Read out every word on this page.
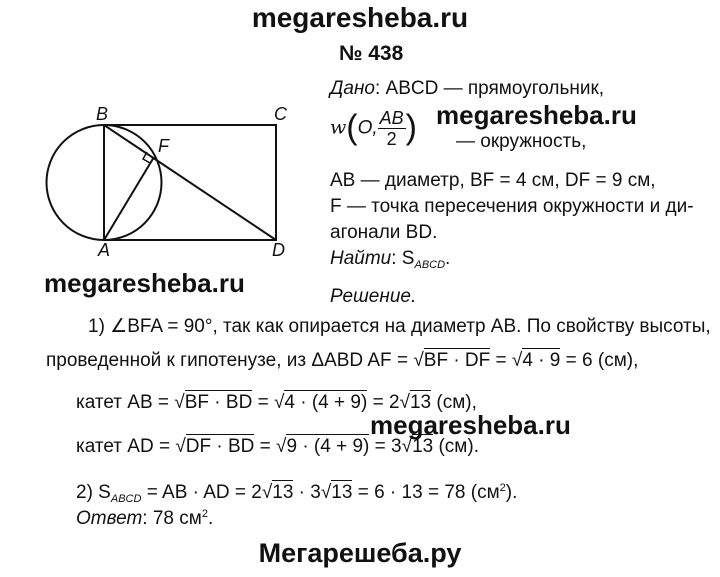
megaresheba.ru
megaresheba.ru
megaresheba.ru
megaresheba.ru
Мегарешеба.ру
№ 438
B	C
A	D
F
Дано: ABCD — прямоугольник,
w(O, $\frac{AB}{2}$ ) — окружность,
AB — диаметр, BF = 4 см, DF = 9 см,
F — точка пересечения окружности и ди-
агонали BD.
Найти: $S_{ABCD}$.
Решение.
1) ∠BFA = 90°, так как опирается на диаметр AB. По свойству высоты,
проведенной к гипотенузе, из ΔABD AF = √BF · DF = √4 · 9 = 6 (см),
катет AB = √BF · BD = √4 · (4 + 9) = 2√13 (см),
катет AD = √DF · BD = √9 · (4 + 9) = 3√13 (см).
2) $S_{ABCD}$ = AB · AD = 2√13 · 3√13 = 6 · 13 = 78 $(см^2)$.
Ответ: 78 $см^2$.
